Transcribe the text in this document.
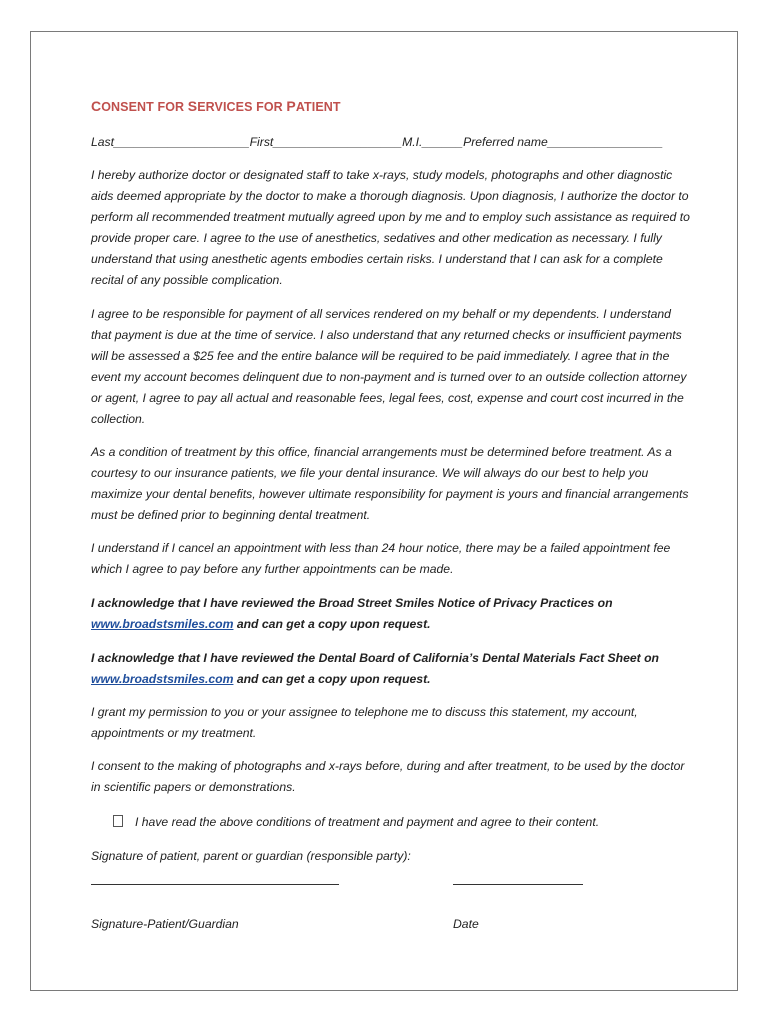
CONSENT FOR SERVICES FOR PATIENT
Last____________________First___________________M.I.______Preferred name_________________

I hereby authorize doctor or designated staff to take x-rays, study models, photographs and other diagnostic aids deemed appropriate by the doctor to make a thorough diagnosis. Upon diagnosis, I authorize the doctor to perform all recommended treatment mutually agreed upon by me and to employ such assistance as required to provide proper care. I agree to the use of anesthetics, sedatives and other medication as necessary. I fully understand that using anesthetic agents embodies certain risks. I understand that I can ask for a complete recital of any possible complication.

I agree to be responsible for payment of all services rendered on my behalf or my dependents. I understand that payment is due at the time of service. I also understand that any returned checks or insufficient payments will be assessed a $25 fee and the entire balance will be required to be paid immediately. I agree that in the event my account becomes delinquent due to non-payment and is turned over to an outside collection attorney or agent, I agree to pay all actual and reasonable fees, legal fees, cost, expense and court cost incurred in the collection.

As a condition of treatment by this office, financial arrangements must be determined before treatment. As a courtesy to our insurance patients, we file your dental insurance. We will always do our best to help you maximize your dental benefits, however ultimate responsibility for payment is yours and financial arrangements must be defined prior to beginning dental treatment.

I understand if I cancel an appointment with less than 24 hour notice, there may be a failed appointment fee which I agree to pay before any further appointments can be made.

I acknowledge that I have reviewed the Broad Street Smiles Notice of Privacy Practices on www.broadstsmiles.com and can get a copy upon request.

I acknowledge that I have reviewed the Dental Board of California’s Dental Materials Fact Sheet on www.broadstsmiles.com and can get a copy upon request.

I grant my permission to you or your assignee to telephone me to discuss this statement, my account, appointments or my treatment.

I consent to the making of photographs and x-rays before, during and after treatment, to be used by the doctor in scientific papers or demonstrations.

I have read the above conditions of treatment and payment and agree to their content.
Signature of patient, parent or guardian (responsible party):
Signature-Patient/Guardian	Date
